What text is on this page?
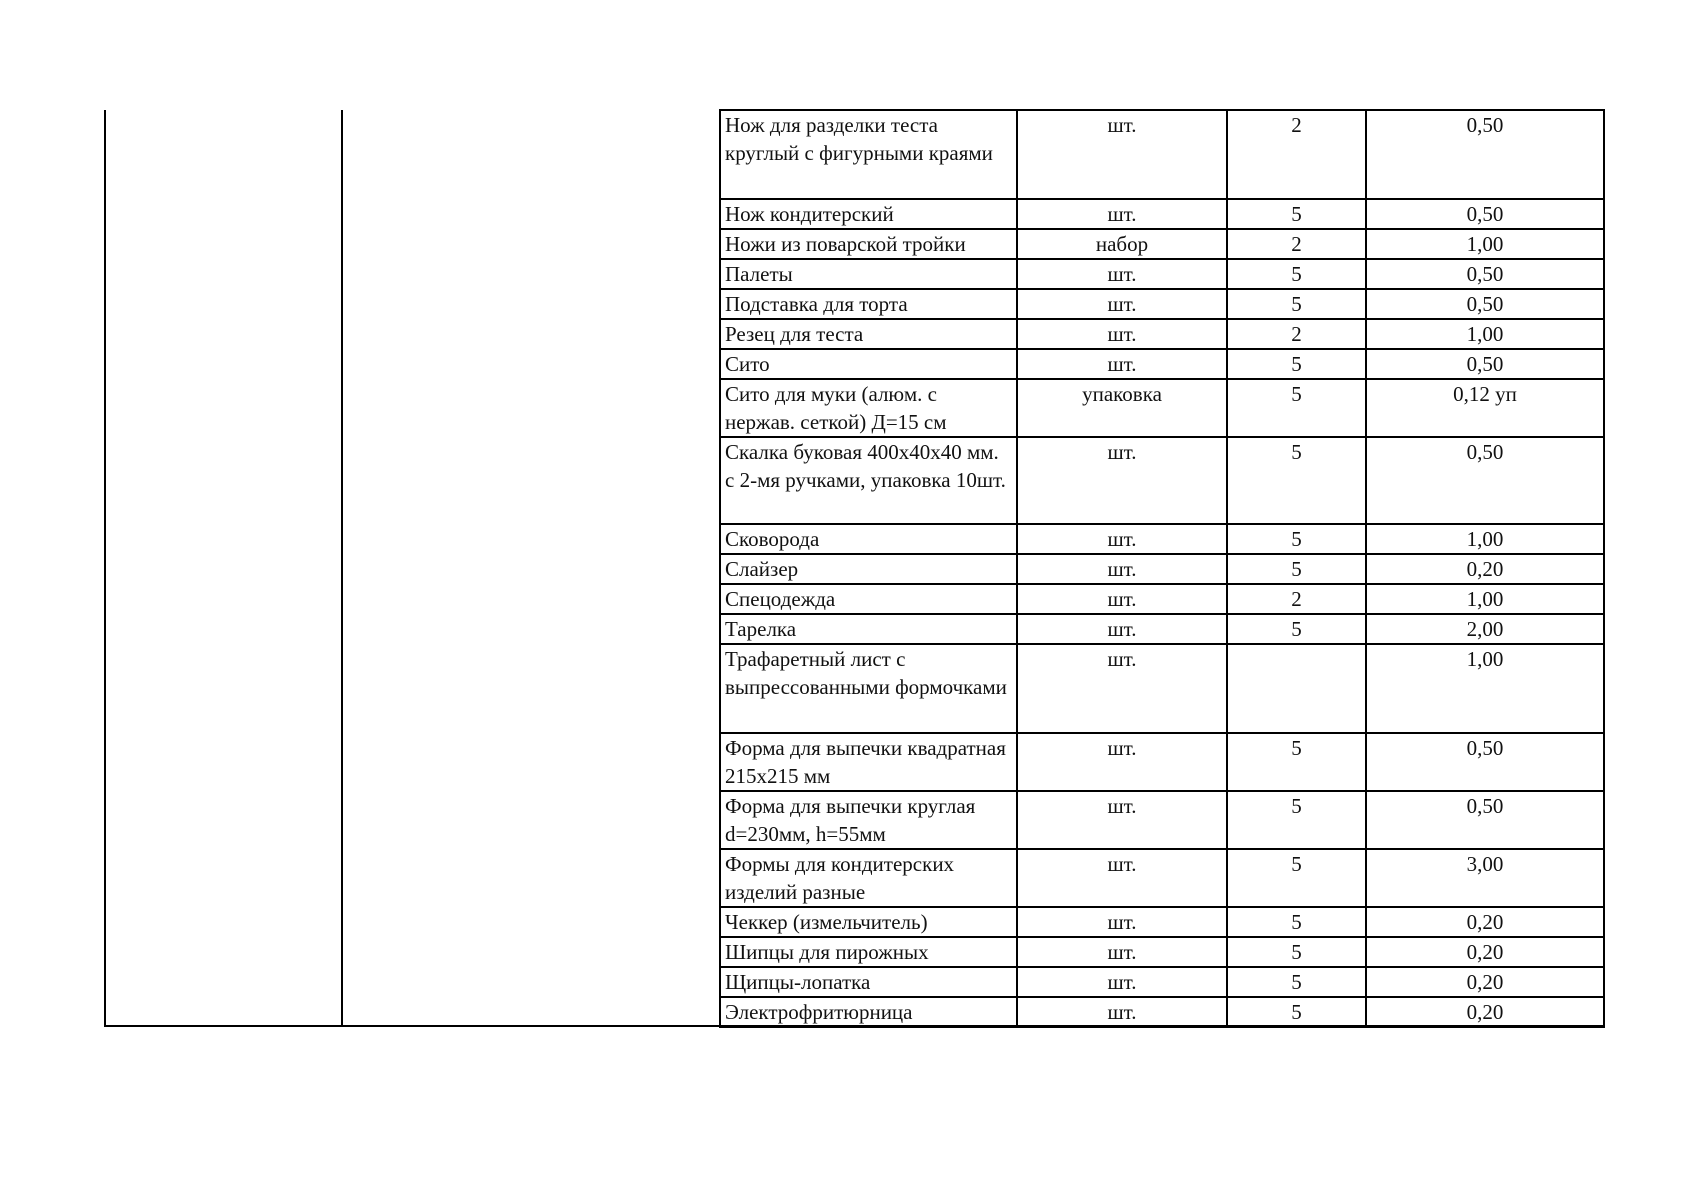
Нож для разделки теста круглый с фигурными краями	шт.	2	0,50
Нож кондитерский	шт.	5	0,50
Ножи из поварской тройки	набор	2	1,00
Палеты	шт.	5	0,50
Подставка для торта	шт.	5	0,50
Резец для теста	шт.	2	1,00
Сито	шт.	5	0,50
Сито для муки (алюм. с нержав. сеткой) Д=15 см	упаковка	5	0,12 уп
Скалка буковая 400х40х40 мм. с 2-мя ручками, упаковка 10шт.	шт.	5	0,50
Сковорода	шт.	5	1,00
Слайзер	шт.	5	0,20
Спецодежда	шт.	2	1,00
Тарелка	шт.	5	2,00
Трафаретный лист с выпрессованными формочками	шт.		1,00
Форма для выпечки квадратная 215х215 мм	шт.	5	0,50
Форма для выпечки круглая d=230мм, h=55мм	шт.	5	0,50
Формы для кондитерских изделий разные	шт.	5	3,00
Чеккер (измельчитель)	шт.	5	0,20
Шипцы для пирожных	шт.	5	0,20
Щипцы-лопатка	шт.	5	0,20
Электрофритюрница	шт.	5	0,20
